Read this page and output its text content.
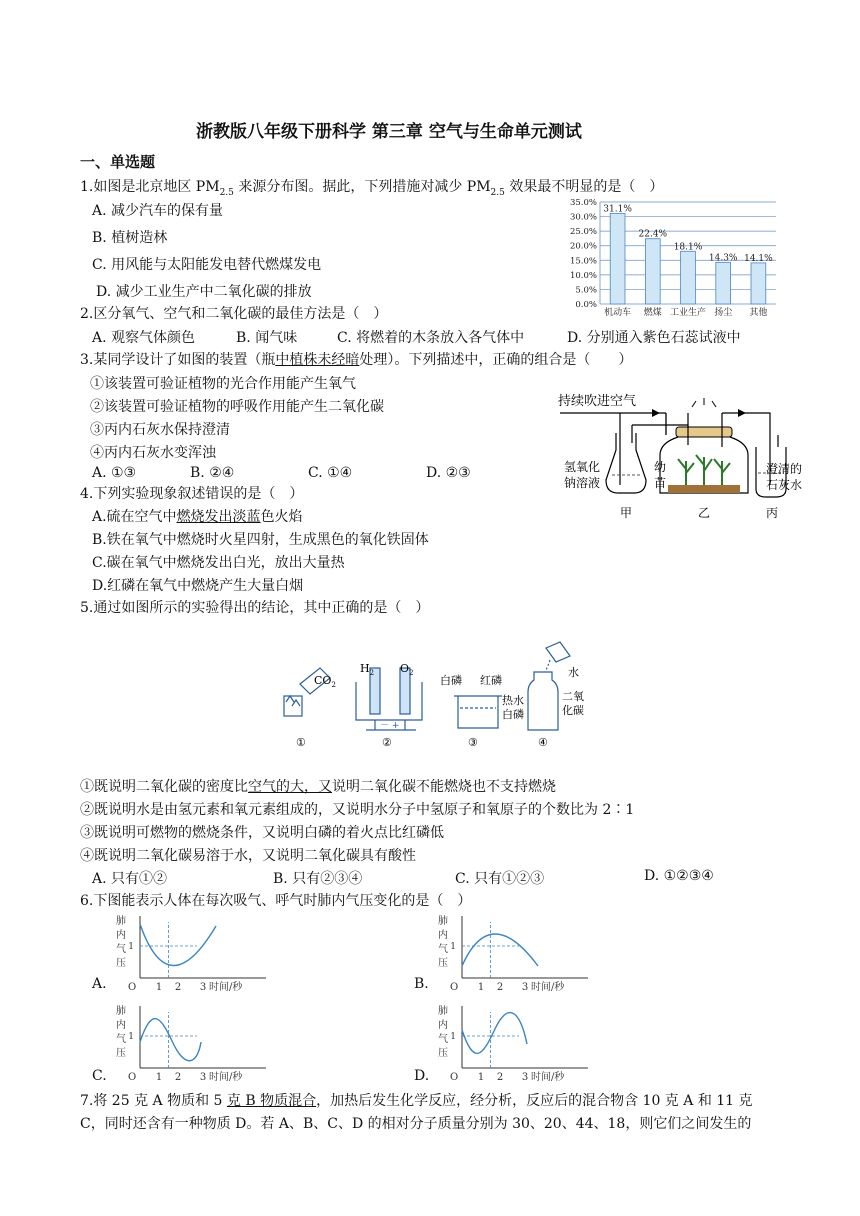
浙教版八年级下册科学 第三章 空气与生命单元测试
一、单选题
1.如图是北京地区 $PM_{2.5}$ 来源分布图。据此，下列措施对减少 $PM_{2.5}$ 效果最不明显的是（　）
A. 减少汽车的保有量
B. 植树造林
C. 用风能与太阳能发电替代燃煤发电
D. 减少工业生产中二氧化碳的排放
0.0%
5.0%
10.0%
15.0%
20.0%
25.0%
30.0%
35.0%
31.1%
22.4%
18.1%
14.3% 14.1%
机动车 燃煤 工业生产 扬尘 其他
2.区分氧气、空气和二氧化碳的最佳方法是（　）
A. 观察气体颜色	B. 闻气味	C. 将燃着的木条放入各气体中	D. 分别通入紫色石蕊试液中
3.某同学设计了如图的装置（瓶中植株未经暗处理）。下列描述中，正确的组合是（　　）
①该装置可验证植物的光合作用能产生氧气
②该装置可验证植物的呼吸作用能产生二氧化碳
③丙内石灰水保持澄清
④丙内石灰水变浑浊
A. ①③	B. ②④	C. ①④	D. ②③
持续吹进空气
氢氧化
钠溶液
幼
苗
澄清的
石灰水
甲	乙	丙
4.下列实验现象叙述错误的是（　）
A.硫在空气中燃烧发出淡蓝色火焰
B.铁在氧气中燃烧时火星四射，生成黑色的氧化铁固体
C.碳在氧气中燃烧发出白光，放出大量热
D.红磷在氧气中燃烧产生大量白烟
5.通过如图所示的实验得出的结论，其中正确的是（　）
$CO_2$
$H_2$ $O_2$
－ +
白磷 红磷
热水
白磷
水
二氧
化碳
①	②	③	④
①既说明二氧化碳的密度比空气的大，又说明二氧化碳不能燃烧也不支持燃烧
②既说明水是由氢元素和氧元素组成的，又说明水分子中氢原子和氧原子的个数比为 2∶1
③既说明可燃物的燃烧条件，又说明白磷的着火点比红磷低
④既说明二氧化碳易溶于水，又说明二氧化碳具有酸性
A. 只有①②	B. 只有②③④	C. 只有①②③	D. ①②③④
6.下图能表示人体在每次吸气、呼气时肺内气压变化的是（　）
A.	B.
C.	D.
肺
内
气
压
1
O 1 2 3 时间/秒
肺
内
气
压
1
O 1 2 3 时间/秒
肺
内
气
压
1
O 1 2 3 时间/秒
肺
内
气
压
1
O 1 2 3 时间/秒
7.将 25 克 A 物质和 5 克 B 物质混合，加热后发生化学反应，经分析，反应后的混合物含 10 克 A 和 11 克
C，同时还含有一种物质 D。若 A、B、C、D 的相对分子质量分别为 30、20、44、18，则它们之间发生的
